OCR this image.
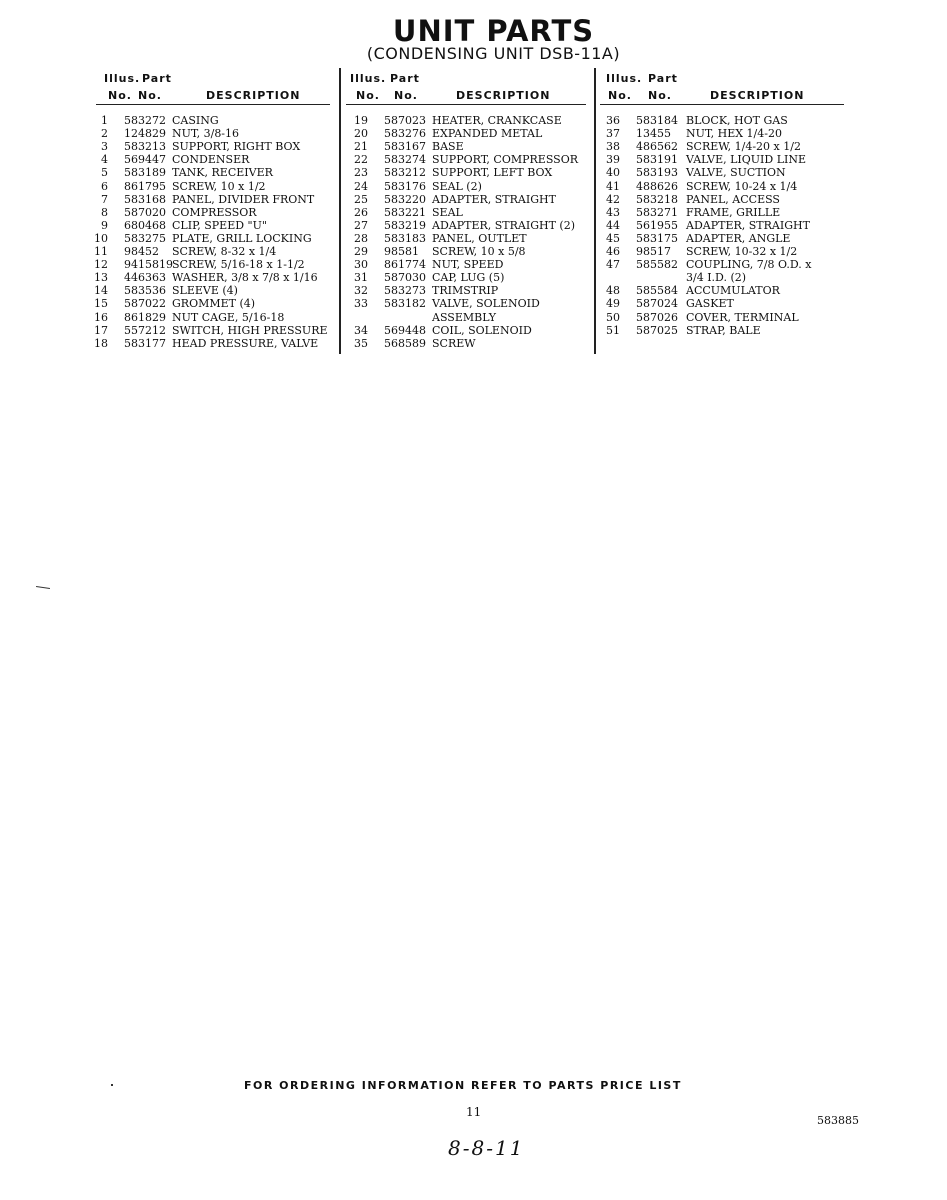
UNIT PARTS
(CONDENSING UNIT DSB-11A)
Illus. Part
No. No.	DESCRIPTION
1 583272 CASING
2 124829 NUT, 3/8-16
3 583213 SUPPORT, RIGHT BOX
4 569447 CONDENSER
5 583189 TANK, RECEIVER
6 861795 SCREW, 10 x 1/2
7 583168 PANEL, DIVIDER FRONT
8 587020 COMPRESSOR
9 680468 CLIP, SPEED "U"
10 583275 PLATE, GRILL LOCKING
11 98452 SCREW, 8-32 x 1/4
12 9415819 SCREW, 5/16-18 x 1-1/2
13 446363 WASHER, 3/8 x 7/8 x 1/16
14 583536 SLEEVE (4)
15 587022 GROMMET (4)
16 861829 NUT CAGE, 5/16-18
17 557212 SWITCH, HIGH PRESSURE
18 583177 HEAD PRESSURE, VALVE
Illus. Part
No. No.	DESCRIPTION
19 587023 HEATER, CRANKCASE
20 583276 EXPANDED METAL
21 583167 BASE
22 583274 SUPPORT, COMPRESSOR
23 583212 SUPPORT, LEFT BOX
24 583176 SEAL (2)
25 583220 ADAPTER, STRAIGHT
26 583221 SEAL
27 583219 ADAPTER, STRAIGHT (2)
28 583183 PANEL, OUTLET
29 98581 SCREW, 10 x 5/8
30 861774 NUT, SPEED
31 587030 CAP, LUG (5)
32 583273 TRIMSTRIP
33 583182 VALVE, SOLENOID
ASSEMBLY
34 569448 COIL, SOLENOID
35 568589 SCREW
Illus. Part
No. No.	DESCRIPTION
36 583184 BLOCK, HOT GAS
37 13455 NUT, HEX 1/4-20
38 486562 SCREW, 1/4-20 x 1/2
39 583191 VALVE, LIQUID LINE
40 583193 VALVE, SUCTION
41 488626 SCREW, 10-24 x 1/4
42 583218 PANEL, ACCESS
43 583271 FRAME, GRILLE
44 561955 ADAPTER, STRAIGHT
45 583175 ADAPTER, ANGLE
46 98517 SCREW, 10-32 x 1/2
47 585582 COUPLING, 7/8 O.D. x
3/4 I.D. (2)
48 585584 ACCUMULATOR
49 587024 GASKET
50 587026 COVER, TERMINAL
51 587025 STRAP, BALE
FOR ORDERING INFORMATION REFER TO PARTS PRICE LIST
11
583885
8-8-11
